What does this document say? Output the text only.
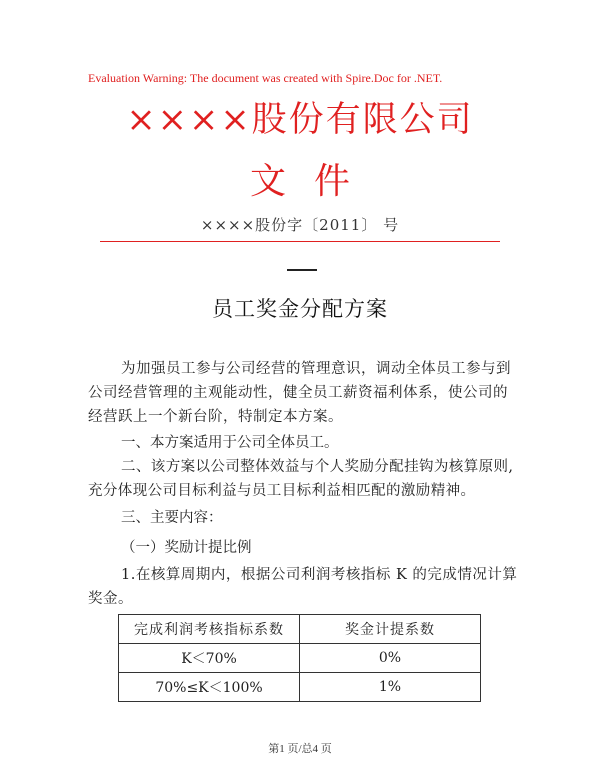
Evaluation Warning: The document was created with Spire.Doc for .NET.
××××股份有限公司
文件
××××股份字〔2011〕 号
员工奖金分配方案
为加强员工参与公司经营的管理意识，调动全体员工参与到公司经营管理的主观能动性，健全员工薪资福利体系，使公司的经营跃上一个新台阶，特制定本方案。
一、本方案适用于公司全体员工。
二、该方案以公司整体效益与个人奖励分配挂钩为核算原则,充分体现公司目标利益与员工目标利益相匹配的激励精神。
三、主要内容：
（一）奖励计提比例
1.在核算周期内，根据公司利润考核指标 K 的完成情况计算奖金。
完成利润考核指标系数	奖金计提系数
K＜70%	0%
70%≤K＜100%	1%
第1 页/总4 页
